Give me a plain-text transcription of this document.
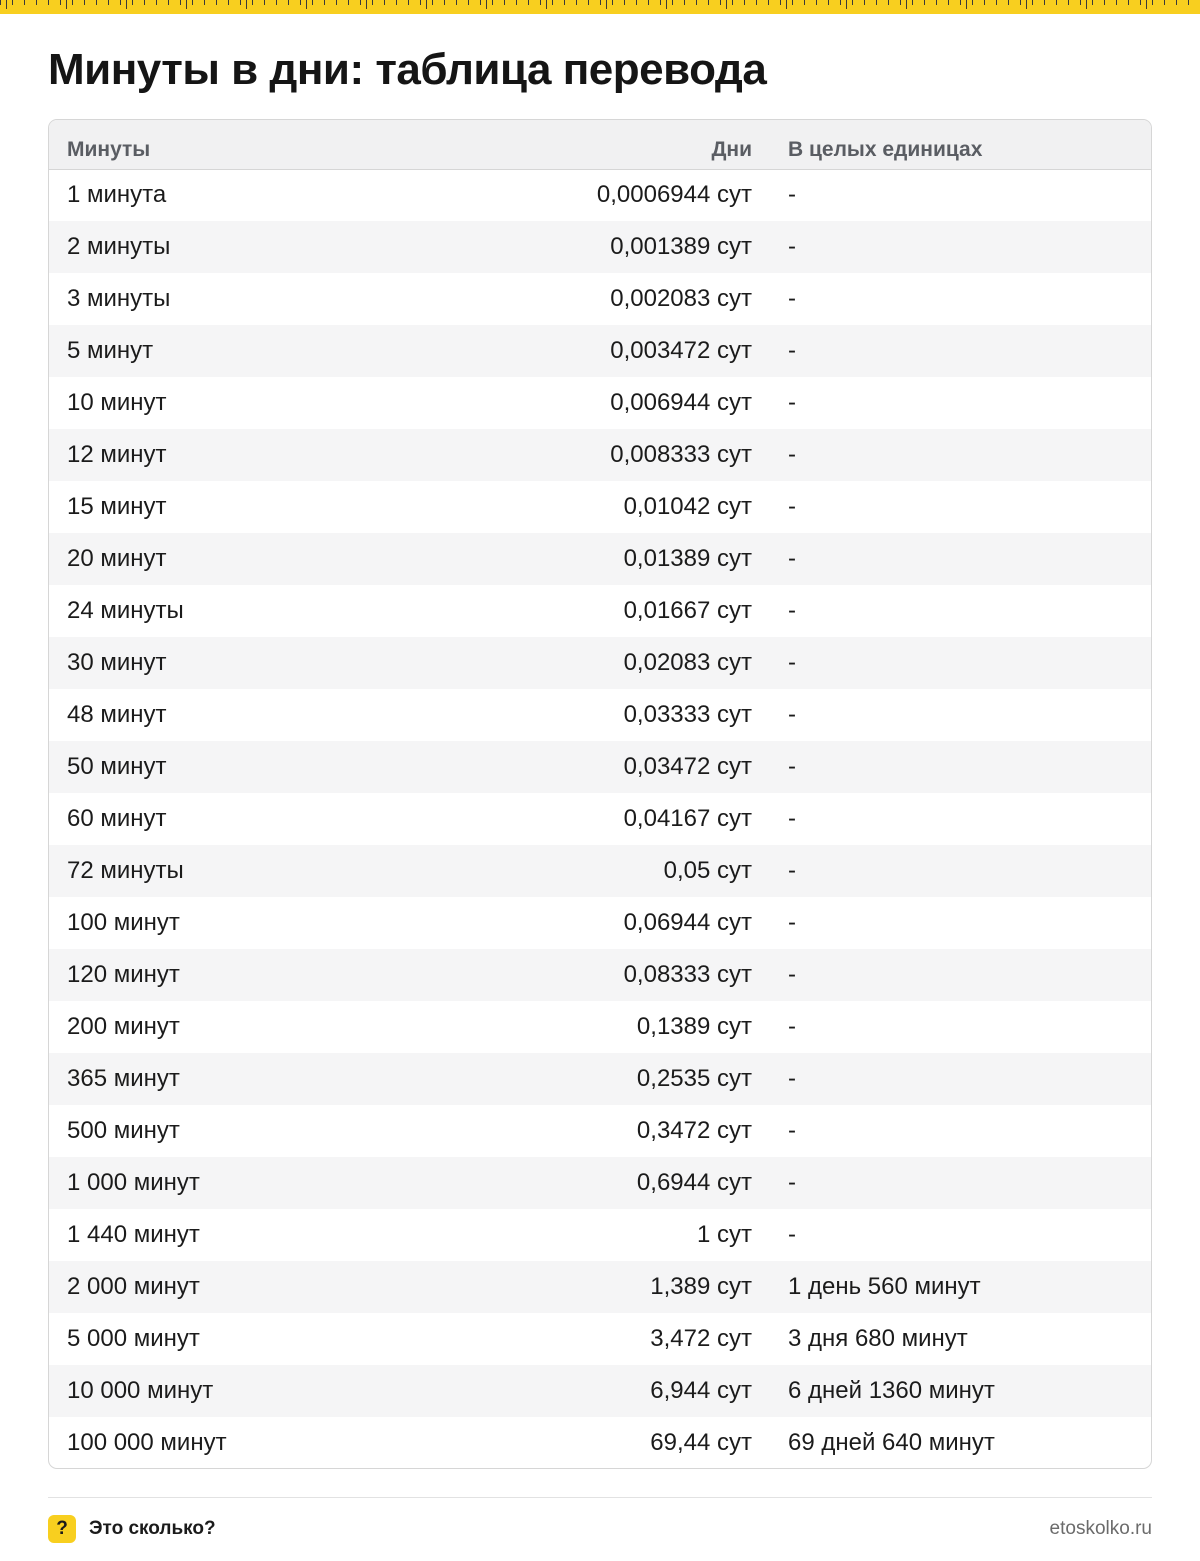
Минуты в дни: таблица перевода
Минуты	Дни	В целых единицах
1 минута	0,0006944 сут	-
2 минуты	0,001389 сут	-
3 минуты	0,002083 сут	-
5 минут	0,003472 сут	-
10 минут	0,006944 сут	-
12 минут	0,008333 сут	-
15 минут	0,01042 сут	-
20 минут	0,01389 сут	-
24 минуты	0,01667 сут	-
30 минут	0,02083 сут	-
48 минут	0,03333 сут	-
50 минут	0,03472 сут	-
60 минут	0,04167 сут	-
72 минуты	0,05 сут	-
100 минут	0,06944 сут	-
120 минут	0,08333 сут	-
200 минут	0,1389 сут	-
365 минут	0,2535 сут	-
500 минут	0,3472 сут	-
1 000 минут	0,6944 сут	-
1 440 минут	1 сут	-
2 000 минут	1,389 сут	1 день 560 минут
5 000 минут	3,472 сут	3 дня 680 минут
10 000 минут	6,944 сут	6 дней 1360 минут
100 000 минут	69,44 сут	69 дней 640 минут
?	Это сколько?	etoskolko.ru
